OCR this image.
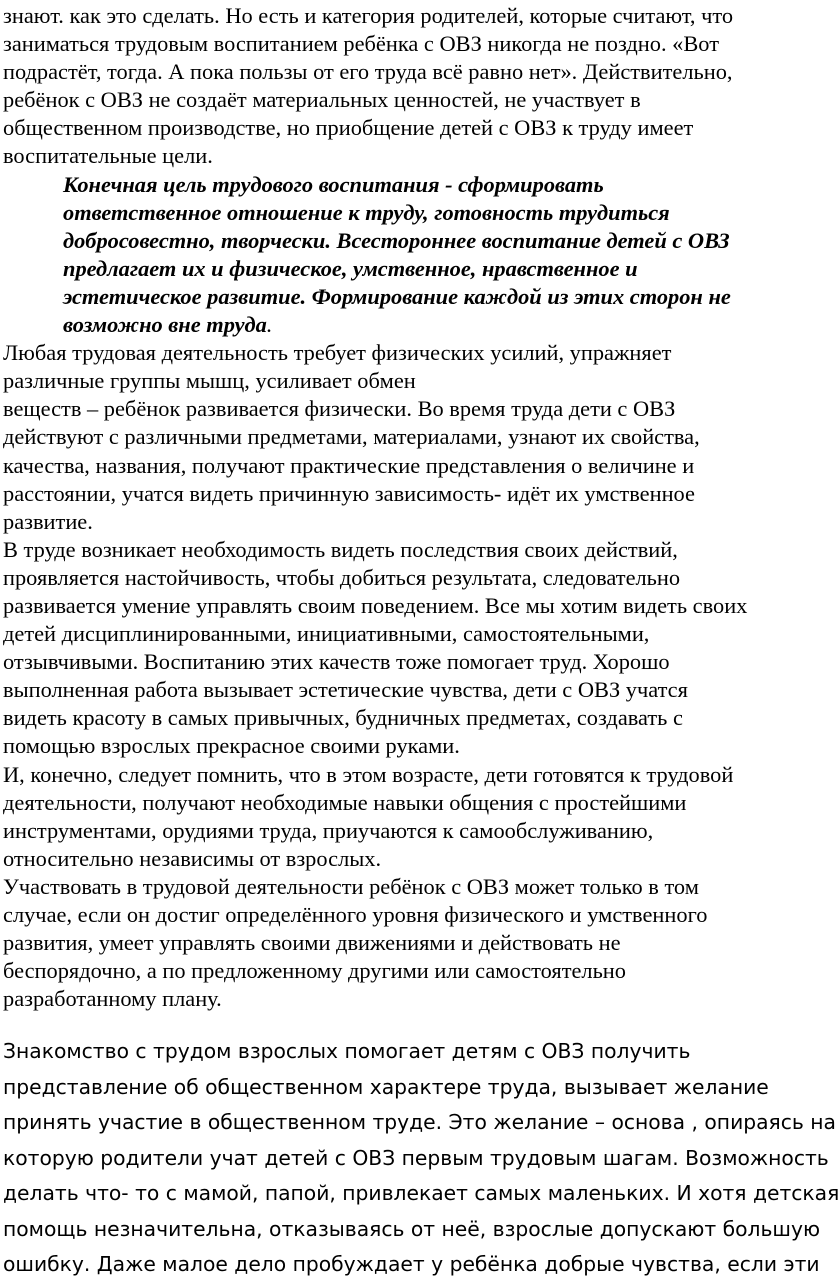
знают. как это сделать. Но есть и категория родителей, которые считают, что
заниматься трудовым воспитанием ребёнка с ОВЗ никогда не поздно. «Вот
подрастёт, тогда. А пока пользы от его труда всё равно нет». Действительно,
ребёнок с ОВЗ не создаёт материальных ценностей, не участвует в
общественном производстве, но приобщение детей с ОВЗ к труду имеет
воспитательные цели.

Конечная цель трудового воспитания - сформировать
ответственное отношение к труду, готовность трудиться
добросовестно, творчески. Всестороннее воспитание детей с ОВЗ
предлагает их и физическое, умственное, нравственное и
эстетическое развитие. Формирование каждой из этих сторон не
возможно вне труда.

Любая трудовая деятельность требует физических усилий, упражняет
различные группы мышц, усиливает обмен
веществ – ребёнок развивается физически. Во время труда дети с ОВЗ
действуют с различными предметами, материалами, узнают их свойства,
качества, названия, получают практические представления о величине и
расстоянии, учатся видеть причинную зависимость- идёт их умственное
развитие.

В труде возникает необходимость видеть последствия своих действий,
проявляется настойчивость, чтобы добиться результата, следовательно
развивается умение управлять своим поведением. Все мы хотим видеть своих
детей дисциплинированными, инициативными, самостоятельными,
отзывчивыми. Воспитанию этих качеств тоже помогает труд. Хорошо
выполненная работа вызывает эстетические чувства, дети с ОВЗ учатся
видеть красоту в самых привычных, будничных предметах, создавать с
помощью взрослых прекрасное своими руками.

И, конечно, следует помнить, что в этом возрасте, дети готовятся к трудовой
деятельности, получают необходимые навыки общения с простейшими
инструментами, орудиями труда, приучаются к самообслуживанию,
относительно независимы от взрослых.

Участвовать в трудовой деятельности ребёнок с ОВЗ может только в том
случае, если он достиг определённого уровня физического и умственного
развития, умеет управлять своими движениями и действовать не
беспорядочно, а по предложенному другими или самостоятельно
разработанному плану.

Знакомство с трудом взрослых помогает детям с ОВЗ получить
представление об общественном характере труда, вызывает желание
принять участие в общественном труде. Это желание – основа , опираясь на
которую родители учат детей с ОВЗ первым трудовым шагам. Возможность
делать что- то с мамой, папой, привлекает самых маленьких. И хотя детская
помощь незначительна, отказываясь от неё, взрослые допускают большую
ошибку. Даже малое дело пробуждает у ребёнка добрые чувства, если эти
